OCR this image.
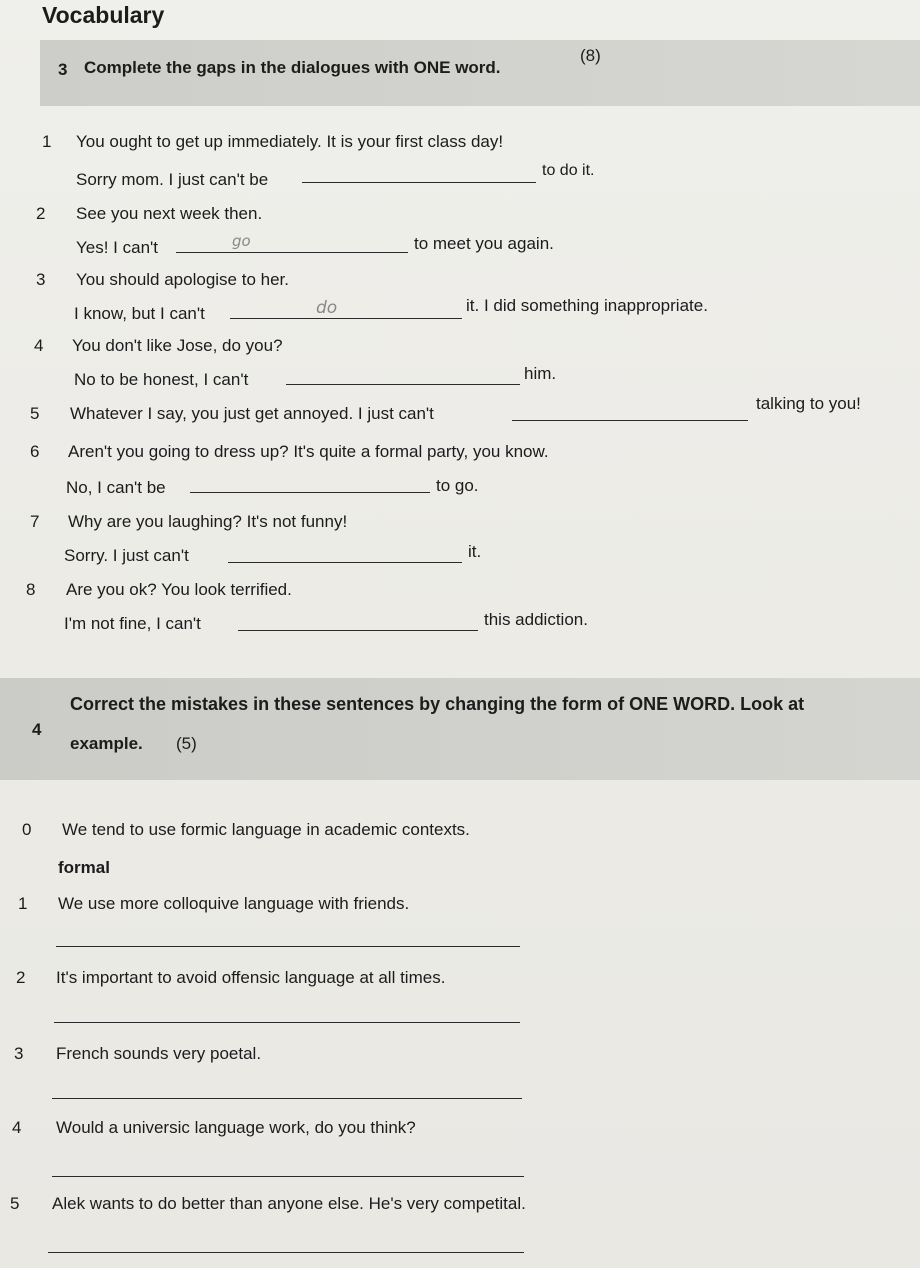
Vocabulary
3 Complete the gaps in the dialogues with ONE word.
(8)
1 You ought to get up immediately. It is your first class day!
Sorry mom. I just can't be	to do it.
2 See you next week then.
Yes! I can't	go	to meet you again.
3 You should apologise to her.
I know, but I can't	do	it. I did something inappropriate.
4 You don't like Jose, do you?
No to be honest, I can't	him.
5 Whatever I say, you just get annoyed. I just can't
talking to you!
6 Aren't you going to dress up? It's quite a formal party, you know.
No, I can't be	to go.
7 Why are you laughing? It's not funny!
Sorry. I just can't	it.
8 Are you ok? You look terrified.
I'm not fine, I can't	this addiction.
4
Correct the mistakes in these sentences by changing the form of ONE WORD. Look at
example. (5)
0 We tend to use formic language in academic contexts.
formal
1 We use more colloquive language with friends.
2 It's important to avoid offensic language at all times.
3 French sounds very poetal.
4 Would a universic language work, do you think?
5 Alek wants to do better than anyone else. He's very competital.
